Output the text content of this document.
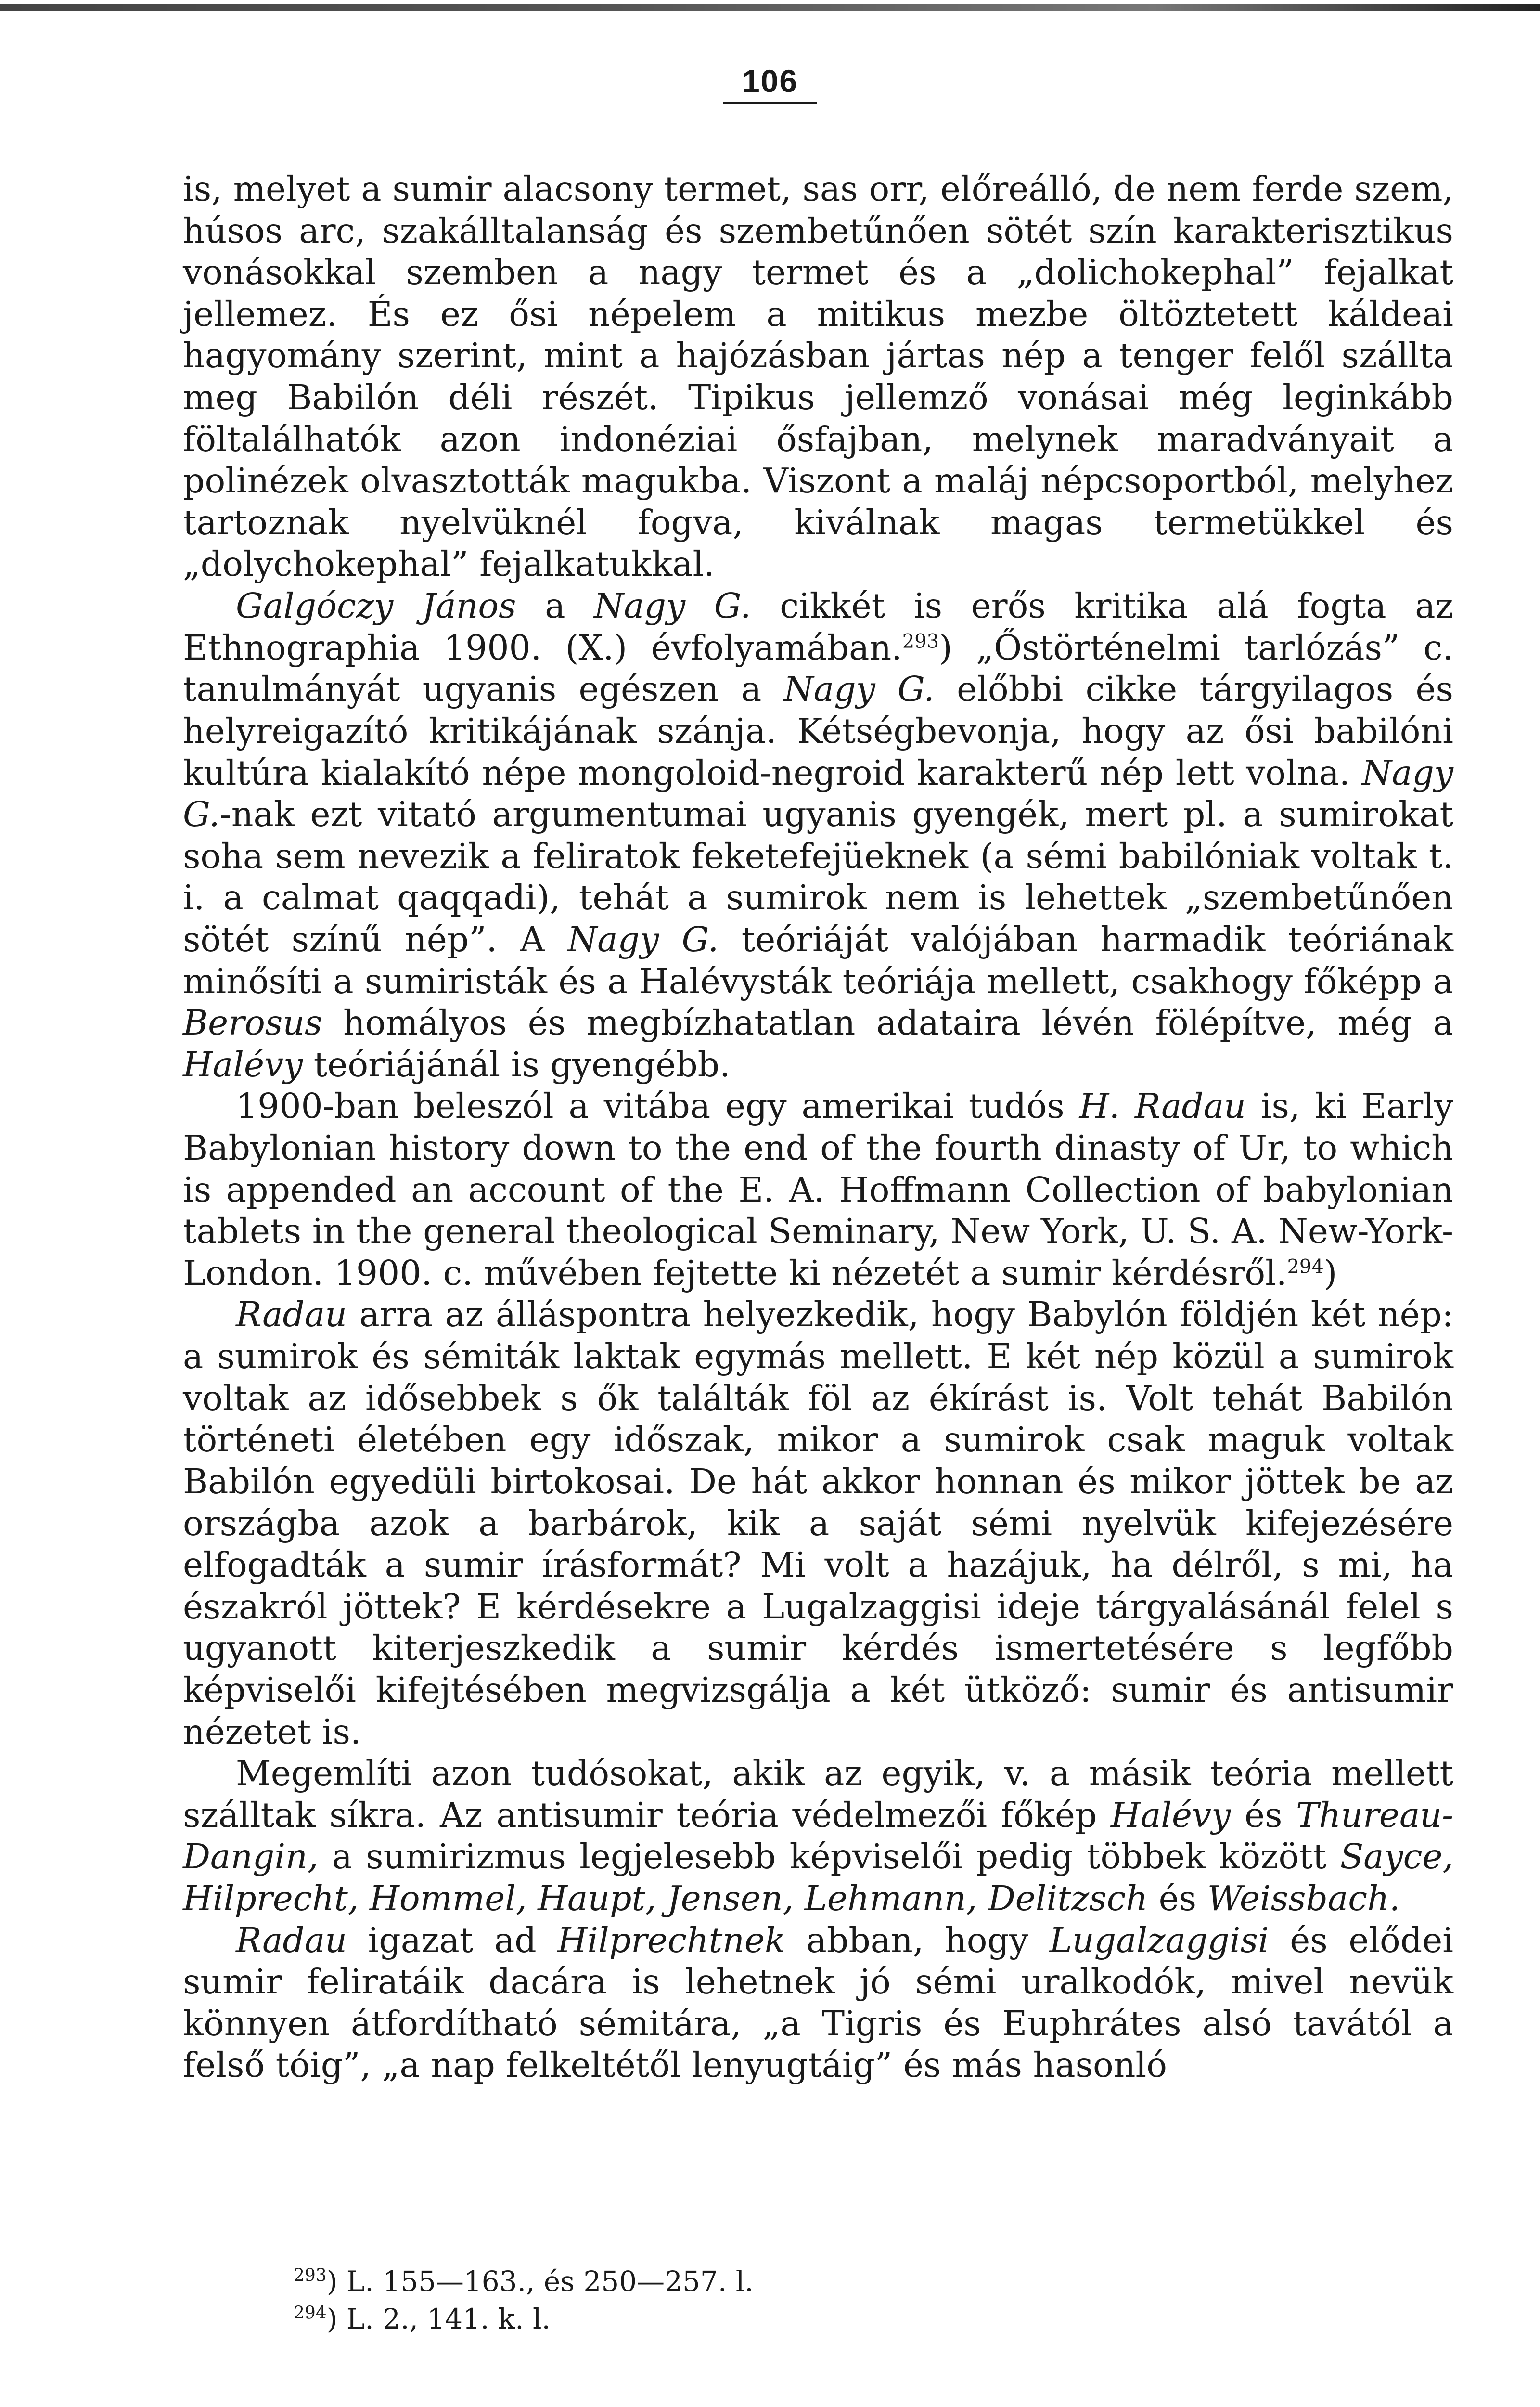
106

is, melyet a sumir alacsony termet, sas orr, előreálló, de nem ferde szem, húsos arc, szakálltalanság és szembetűnően sötét szín karakterisztikus vonásokkal szemben a nagy termet és a „dolichokephal” fejalkat jellemez. És ez ősi népelem a mitikus mezbe öltöztetett káldeai hagyomány szerint, mint a hajózásban jártas nép a tenger felől szállta meg Babilón déli részét. Tipikus jellemző vonásai még leginkább föltalálhatók azon indonéziai ősfajban, melynek maradványait a polinézek olvasztották magukba. Viszont a maláj népcsoportból, melyhez tartoznak nyelvüknél fogva, kiválnak magas termetükkel és „dolychokephal” fejalkatukkal.

Galgóczy János a Nagy G. cikkét is erős kritika alá fogta az Ethnographia 1900. (X.) évfolyamában.$^{293}$) „Őstörténelmi tarlózás” c. tanulmányát ugyanis egészen a Nagy G. előbbi cikke tárgyilagos és helyreigazító kritikájának szánja. Kétségbevonja, hogy az ősi babilóni kultúra kialakító népe mongoloid-negroid karakterű nép lett volna. Nagy G.-nak ezt vitató argumentumai ugyanis gyengék, mert pl. a sumirokat soha sem nevezik a feliratok feketefejüeknek (a sémi babilóniak voltak t. i. a calmat qaqqadi), tehát a sumirok nem is lehettek „szembetűnően sötét színű nép”. A Nagy G. teóriáját valójában harmadik teóriának minősíti a sumiristák és a Halévysták teóriája mellett, csakhogy főképp a Berosus homályos és megbízhatatlan adataira lévén fölépítve, még a Halévy teóriájánál is gyengébb.

1900-ban beleszól a vitába egy amerikai tudós H. Radau is, ki Early Babylonian history down to the end of the fourth dinasty of Ur, to which is appended an account of the E. A. Hoffmann Collection of babylonian tablets in the general theological Seminary, New York, U. S. A. New-York-London. 1900. c. művében fejtette ki nézetét a sumir kérdésről.$^{294}$)

Radau arra az álláspontra helyezkedik, hogy Babylón földjén két nép: a sumirok és sémiták laktak egymás mellett. E két nép közül a sumirok voltak az idősebbek s ők találták föl az ékírást is. Volt tehát Babilón történeti életében egy időszak, mikor a sumirok csak maguk voltak Babilón egyedüli birtokosai. De hát akkor honnan és mikor jöttek be az országba azok a barbárok, kik a saját sémi nyelvük kifejezésére elfogadták a sumir írásformát? Mi volt a hazájuk, ha délről, s mi, ha északról jöttek? E kérdésekre a Lugalzaggisi ideje tárgyalásánál felel s ugyanott kiterjeszkedik a sumir kérdés ismertetésére s legfőbb képviselői kifejtésében megvizsgálja a két ütköző: sumir és antisumir nézetet is.

Megemlíti azon tudósokat, akik az egyik, v. a másik teória mellett szálltak síkra. Az antisumir teória védelmezői főkép Halévy és Thureau-Dangin, a sumirizmus legjelesebb képviselői pedig többek között Sayce, Hilprecht, Hommel, Haupt, Jensen, Lehmann, Delitzsch és Weissbach.

Radau igazat ad Hilprechtnek abban, hogy Lugalzaggisi és elődei sumir feliratáik dacára is lehetnek jó sémi uralkodók, mivel nevük könnyen átfordítható sémitára, „a Tigris és Euphrátes alsó tavától a felső tóig”, „a nap felkeltétől lenyugtáig” és más hasonló

$^{293}$) L. 155—163., és 250—257. l.
$^{294}$) L. 2., 141. k. l.
